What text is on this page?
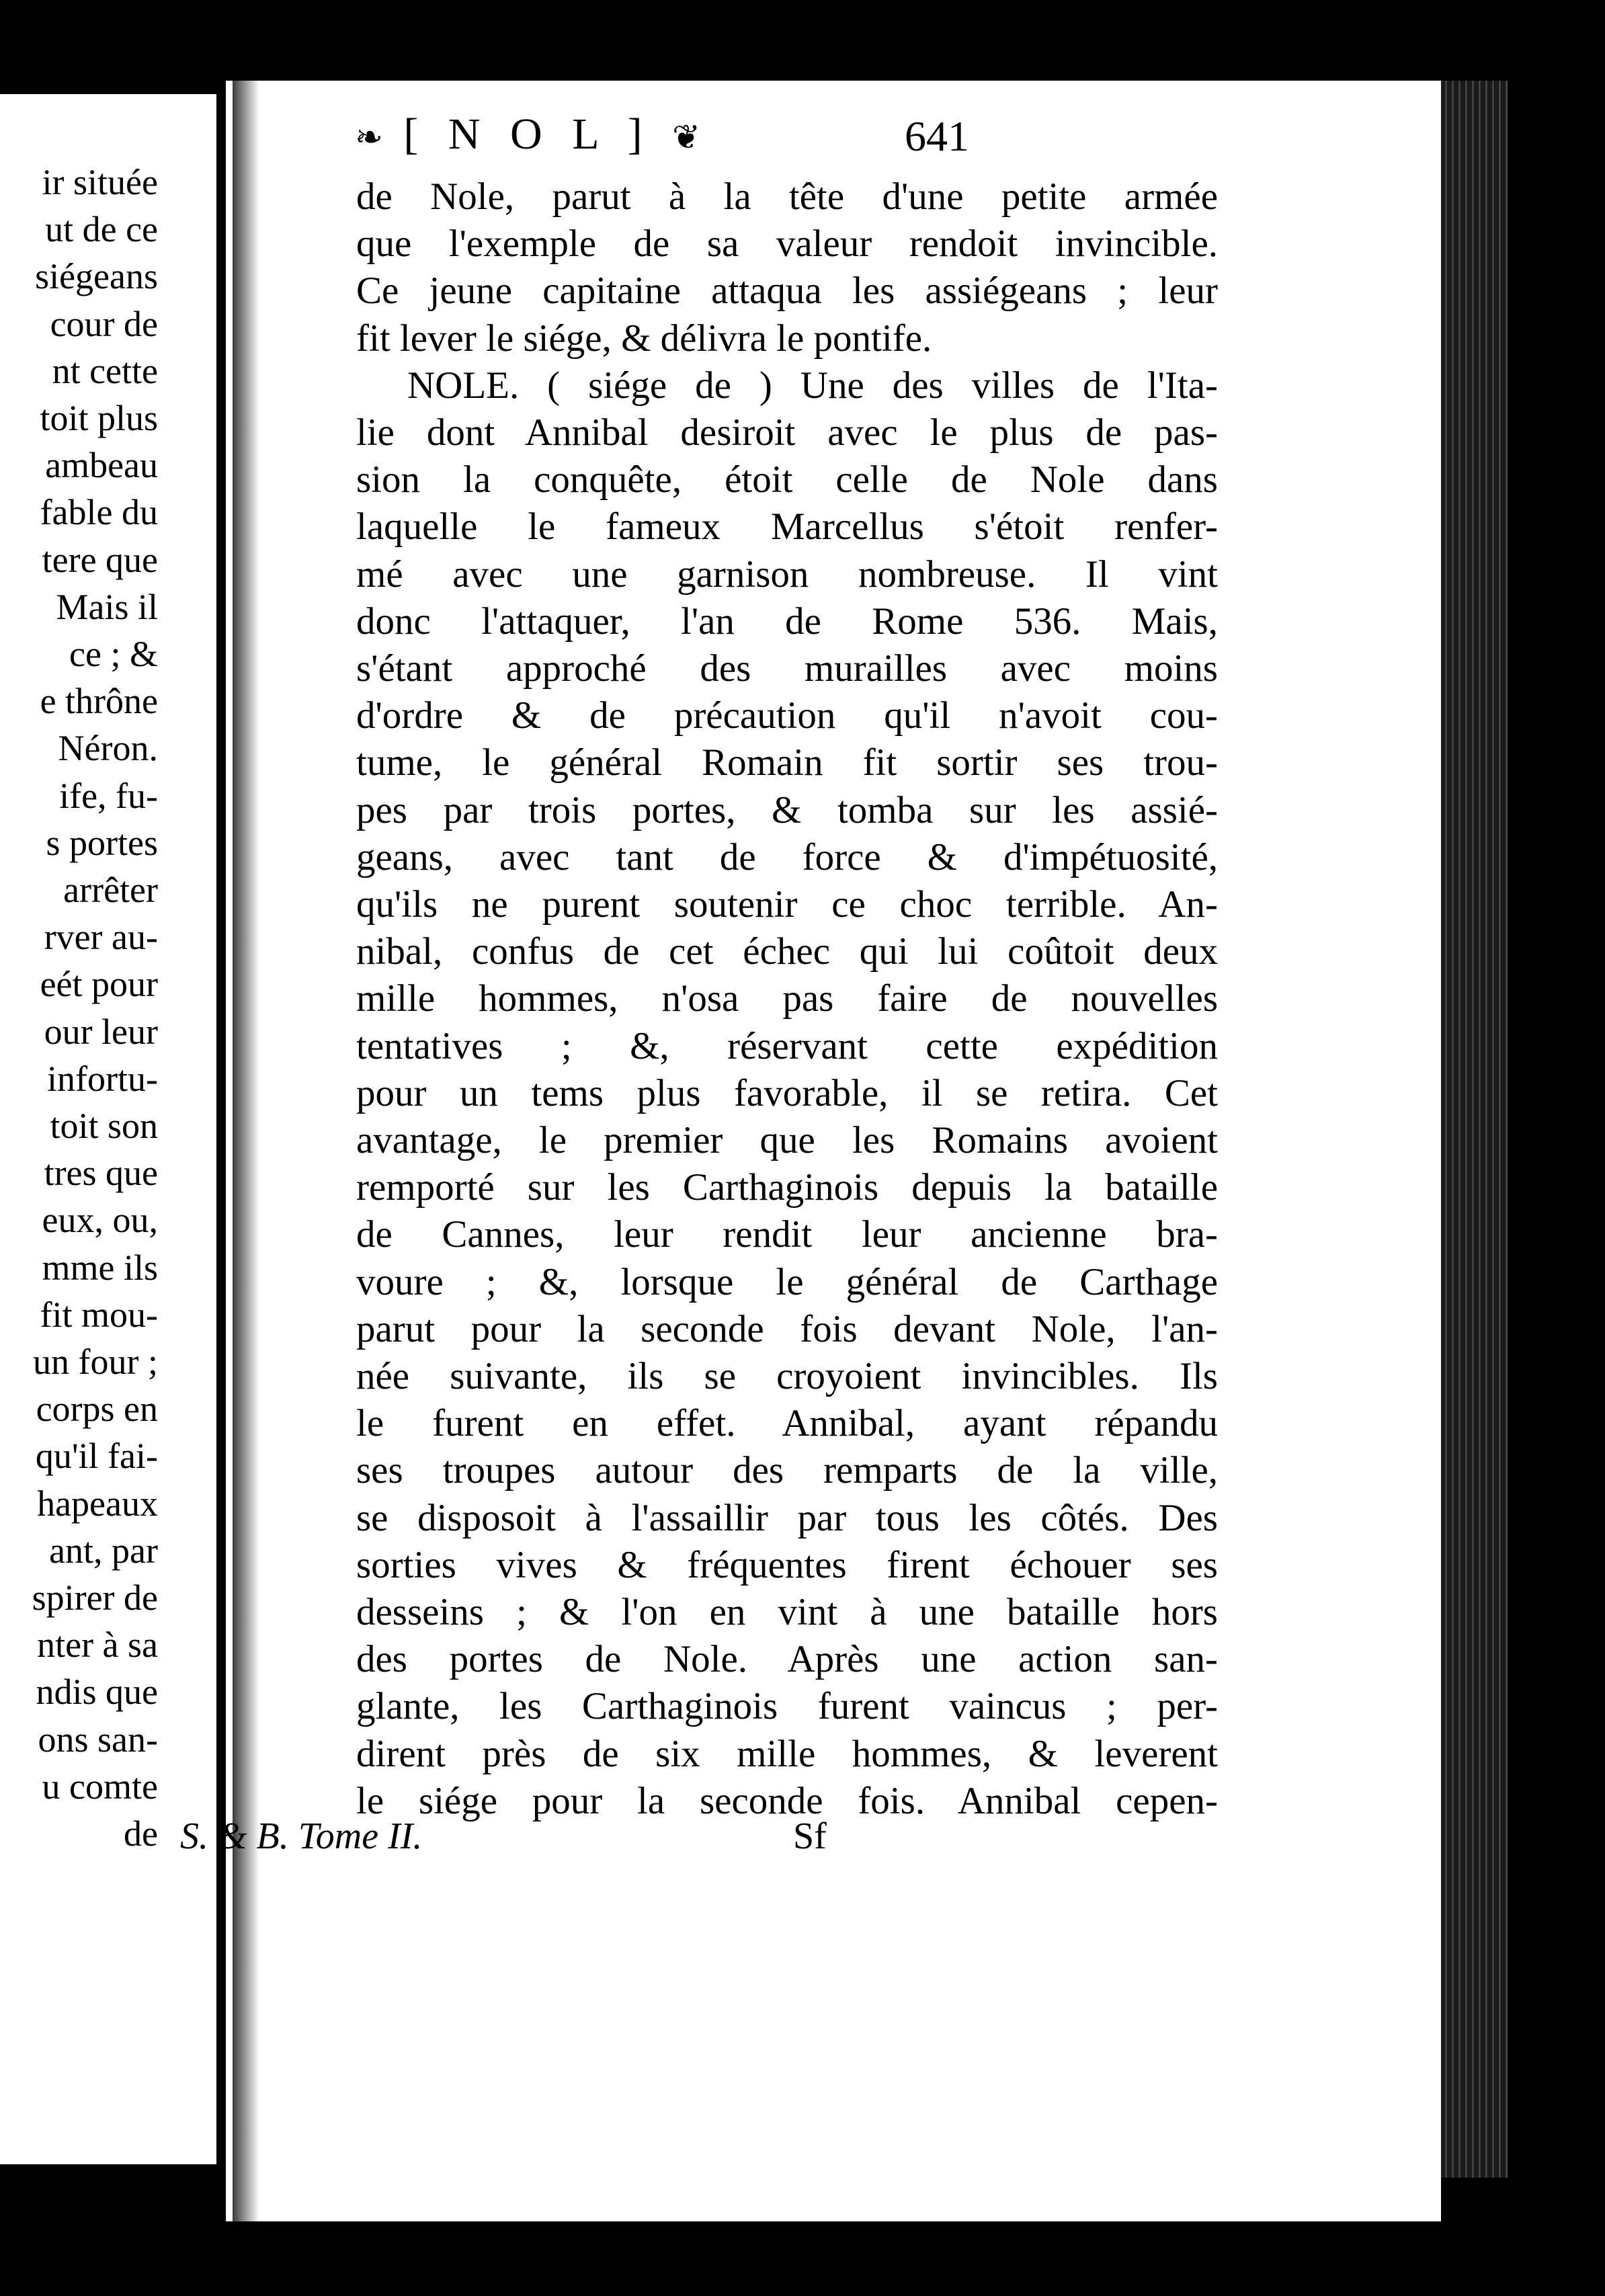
ir située
ut de ce
siégeans
cour de
nt cette
toit plus
ambeau
fable du
tere que
Mais il
ce ; &
e thrône
Néron.
ife, fu-
s portes
arrêter
rver au-
eét pour
our leur
infortu-
toit son
tres que
eux, ou,
mme ils
fit mou-
un four ;
corps en
qu'il fai-
hapeaux
ant, par
spirer de
nter à sa
ndis que
ons san-
u comte
de
de Nole, parut à la tête d'une petite armée
que l'exemple de sa valeur rendoit invincible.
Ce jeune capitaine attaqua les assiégeans ; leur
fit lever le siége, & délivra le pontife.
NOLE. ( siége de ) Une des villes de l'Ita-
lie dont Annibal desiroit avec le plus de pas-
sion la conquête, étoit celle de Nole dans
laquelle le fameux Marcellus s'étoit renfer-
mé avec une garnison nombreuse. Il vint
donc l'attaquer, l'an de Rome 536. Mais,
s'étant approché des murailles avec moins
d'ordre & de précaution qu'il n'avoit cou-
tume, le général Romain fit sortir ses trou-
pes par trois portes, & tomba sur les assié-
geans, avec tant de force & d'impétuosité,
qu'ils ne purent soutenir ce choc terrible. An-
nibal, confus de cet échec qui lui coûtoit deux
mille hommes, n'osa pas faire de nouvelles
tentatives ; &, réservant cette expédition
pour un tems plus favorable, il se retira. Cet
avantage, le premier que les Romains avoient
remporté sur les Carthaginois depuis la bataille
de Cannes, leur rendit leur ancienne bra-
voure ; &, lorsque le général de Carthage
parut pour la seconde fois devant Nole, l'an-
née suivante, ils se croyoient invincibles. Ils
le furent en effet. Annibal, ayant répandu
ses troupes autour des remparts de la ville,
se disposoit à l'assaillir par tous les côtés. Des
sorties vives & fréquentes firent échouer ses
desseins ; & l'on en vint à une bataille hors
des portes de Nole. Après une action san-
glante, les Carthaginois furent vaincus ; per-
dirent près de six mille hommes, & leverent
le siége pour la seconde fois. Annibal cepen-
❧ [ N O L ] ❦	641
S. & B. Tome II.	Sf
